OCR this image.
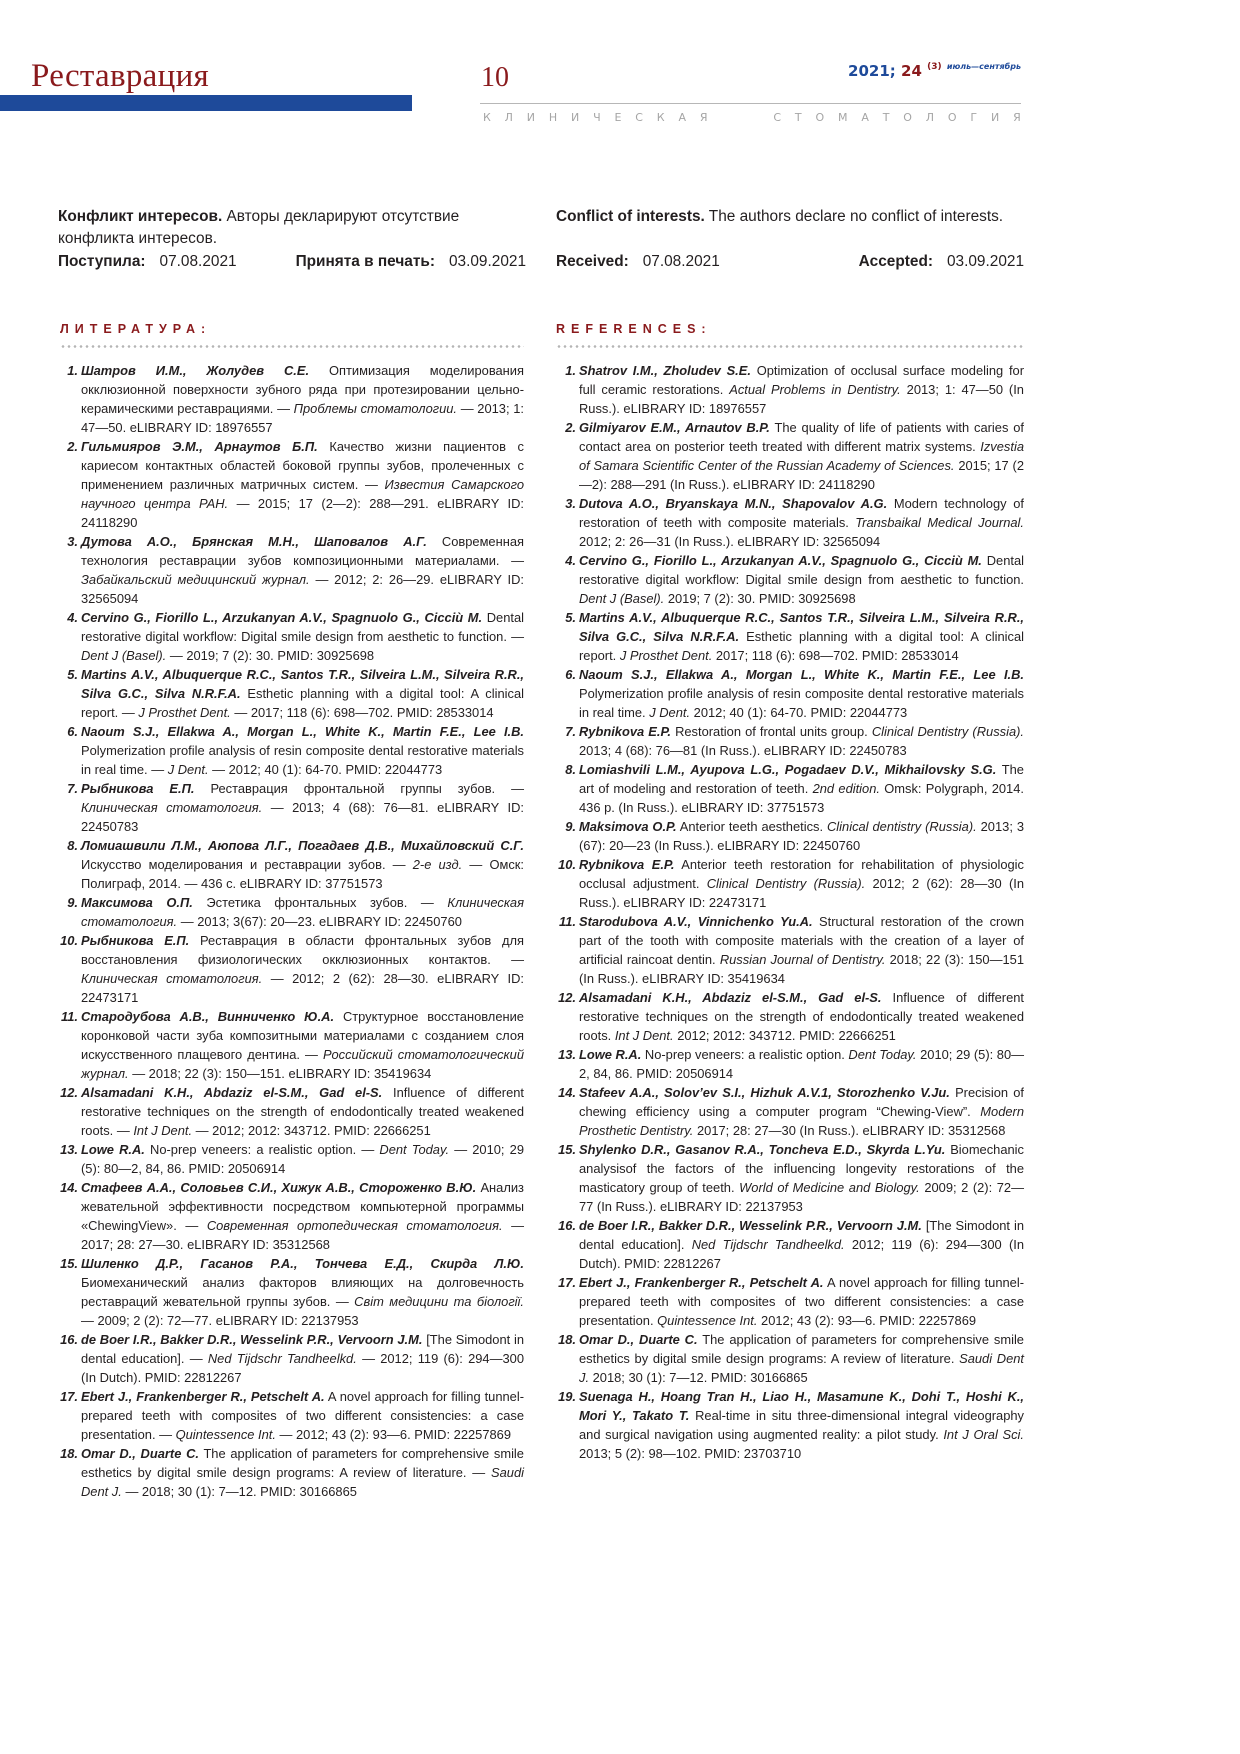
Реставрация	10	2021; 24 $^{(3)}$ $^{июль—сентябрь}$
К Л И Н И Ч Е С К А Я

	С Т О М А Т О Л О Г И Я
Конфликт интересов. Авторы декларируют отсутствие конфликта интересов.
Поступила: 07.08.2021	Принята в печать: 03.09.2021
Conflict of interests. The authors declare no conflict of interests.
Received: 07.08.2021	Accepted: 03.09.2021
ЛИТЕРАТУРА:	REFERENCES:
1. Шатров И.М., Жолудев С.Е. Оптимизация моделирования окклюзионной поверхности зубного ряда при протезировании цельно-керамическими реставрациями. — Проблемы стоматологии. — 2013; 1: 47—50. eLIBRARY ID: 18976557
2. Гильмияров Э.М., Арнаутов Б.П. Качество жизни пациентов с кариесом контактных областей боковой группы зубов, пролеченных с применением различных матричных систем. — Известия Самарского научного центра РАН. — 2015; 17 (2—2): 288—291. eLIBRARY ID: 24118290
3. Дутова А.О., Брянская М.Н., Шаповалов А.Г. Современная технология реставрации зубов композиционными материалами. — Забайкальский медицинский журнал. — 2012; 2: 26—29. eLIBRARY ID: 32565094
4. Cervino G., Fiorillo L., Arzukanyan A.V., Spagnuolo G., Cicciù M. Dental restorative digital workflow: Digital smile design from aesthetic to function. — Dent J (Basel). — 2019; 7 (2): 30. PMID: 30925698
5. Martins A.V., Albuquerque R.C., Santos T.R., Silveira L.M., Silveira R.R., Silva G.C., Silva N.R.F.A. Esthetic planning with a digital tool: A clinical report. — J Prosthet Dent. — 2017; 118 (6): 698—702. PMID: 28533014
6. Naoum S.J., Ellakwa A., Morgan L., White K., Martin F.E., Lee I.B. Polymerization profile analysis of resin composite dental restorative materials in real time. — J Dent. — 2012; 40 (1): 64-70. PMID: 22044773
7. Рыбникова Е.П. Реставрация фронтальной группы зубов. — Клиническая стоматология. — 2013; 4 (68): 76—81. eLIBRARY ID: 22450783
8. Ломиашвили Л.М., Аюпова Л.Г., Погадаев Д.В., Михайловский С.Г. Искусство моделирования и реставрации зубов. — 2-е изд. — Омск: Полиграф, 2014. — 436 с. eLIBRARY ID: 37751573
9. Максимова О.П. Эстетика фронтальных зубов. — Клиническая стоматология. — 2013; 3(67): 20—23. eLIBRARY ID: 22450760
10. Рыбникова Е.П. Реставрация в области фронтальных зубов для восстановления физиологических окклюзионных контактов. — Клиническая стоматология. — 2012; 2 (62): 28—30. eLIBRARY ID: 22473171
11. Стародубова А.В., Винниченко Ю.А. Структурное восстановление коронковой части зуба композитными материалами с созданием слоя искусственного плащевого дентина. — Российский стоматологический журнал. — 2018; 22 (3): 150—151. eLIBRARY ID: 35419634
12. Alsamadani K.H., Abdaziz el-S.M., Gad el-S. Influence of different restorative techniques on the strength of endodontically treated weakened roots. — Int J Dent. — 2012; 2012: 343712. PMID: 22666251
13. Lowe R.A. No-prep veneers: a realistic option. — Dent Today. — 2010; 29 (5): 80—2, 84, 86. PMID: 20506914
14. Стафеев А.А., Соловьев С.И., Хижук А.В., Стороженко В.Ю. Анализ жевательной эффективности посредством компьютерной программы «ChewingView». — Современная ортопедическая стоматология. — 2017; 28: 27—30. eLIBRARY ID: 35312568
15. Шиленко Д.Р., Гасанов Р.А., Тончева Е.Д., Скирда Л.Ю. Биомеханический анализ факторов влияющих на долговечность реставраций жевательной группы зубов. — Світ медицини та біології. — 2009; 2 (2): 72—77. eLIBRARY ID: 22137953
16. de Boer I.R., Bakker D.R., Wesselink P.R., Vervoorn J.M. [The Simodont in dental education]. — Ned Tijdschr Tandheelkd. — 2012; 119 (6): 294—300 (In Dutch). PMID: 22812267
17. Ebert J., Frankenberger R., Petschelt A. A novel approach for filling tunnel-prepared teeth with composites of two different consistencies: a case presentation. — Quintessence Int. — 2012; 43 (2): 93—6. PMID: 22257869
18. Omar D., Duarte C. The application of parameters for comprehensive smile esthetics by digital smile design programs: A review of literature. — Saudi Dent J. — 2018; 30 (1): 7—12. PMID: 30166865
1. Shatrov I.M., Zholudev S.E. Optimization of occlusal surface modeling for full ceramic restorations. Actual Problems in Dentistry. 2013; 1: 47—50 (In Russ.). eLIBRARY ID: 18976557
2. Gilmiyarov E.M., Arnautov B.P. The quality of life of patients with caries of contact area on posterior teeth treated with different matrix systems. Izvestia of Samara Scientific Center of the Russian Academy of Sciences. 2015; 17 (2—2): 288—291 (In Russ.). eLIBRARY ID: 24118290
3. Dutova A.O., Bryanskaya M.N., Shapovalov A.G. Modern technology of restoration of teeth with composite materials. Transbaikal Medical Journal. 2012; 2: 26—31 (In Russ.). eLIBRARY ID: 32565094
4. Cervino G., Fiorillo L., Arzukanyan A.V., Spagnuolo G., Cicciù M. Dental restorative digital workflow: Digital smile design from aesthetic to function. Dent J (Basel). 2019; 7 (2): 30. PMID: 30925698
5. Martins A.V., Albuquerque R.C., Santos T.R., Silveira L.M., Silveira R.R., Silva G.C., Silva N.R.F.A. Esthetic planning with a digital tool: A clinical report. J Prosthet Dent. 2017; 118 (6): 698—702. PMID: 28533014
6. Naoum S.J., Ellakwa A., Morgan L., White K., Martin F.E., Lee I.B. Polymerization profile analysis of resin composite dental restorative materials in real time. J Dent. 2012; 40 (1): 64-70. PMID: 22044773
7. Rybnikova E.P. Restoration of frontal units group. Clinical Dentistry (Russia). 2013; 4 (68): 76—81 (In Russ.). eLIBRARY ID: 22450783
8. Lomiashvili L.M., Ayupova L.G., Pogadaev D.V., Mikhailovsky S.G. The art of modeling and restoration of teeth. 2nd edition. Omsk: Polygraph, 2014. 436 p. (In Russ.). eLIBRARY ID: 37751573
9. Maksimova O.P. Anterior teeth aesthetics. Clinical dentistry (Russia). 2013; 3 (67): 20—23 (In Russ.). eLIBRARY ID: 22450760
10. Rybnikova E.P. Anterior teeth restoration for rehabilitation of physiologic occlusal adjustment. Clinical Dentistry (Russia). 2012; 2 (62): 28—30 (In Russ.). eLIBRARY ID: 22473171
11. Starodubova A.V., Vinnichenko Yu.A. Structural restoration of the crown part of the tooth with composite materials with the creation of a layer of artificial raincoat dentin. Russian Journal of Dentistry. 2018; 22 (3): 150—151 (In Russ.). eLIBRARY ID: 35419634
12. Alsamadani K.H., Abdaziz el-S.M., Gad el-S. Influence of different restorative techniques on the strength of endodontically treated weakened roots. Int J Dent. 2012; 2012: 343712. PMID: 22666251
13. Lowe R.A. No-prep veneers: a realistic option. Dent Today. 2010; 29 (5): 80—2, 84, 86. PMID: 20506914
14. Stafeev A.A., Solov’ev S.I., Hizhuk A.V.1, Storozhenko V.Ju. Precision of chewing efficiency using a computer program “Chewing-View”. Modern Prosthetic Dentistry. 2017; 28: 27—30 (In Russ.). eLIBRARY ID: 35312568
15. Shylenko D.R., Gasanov R.A., Toncheva E.D., Skyrda L.Yu. Biomechanic analysisof the factors of the influencing longevity restorations of the masticatory group of teeth. World of Medicine and Biology. 2009; 2 (2): 72—77 (In Russ.). eLIBRARY ID: 22137953
16. de Boer I.R., Bakker D.R., Wesselink P.R., Vervoorn J.M. [The Simodont in dental education]. Ned Tijdschr Tandheelkd. 2012; 119 (6): 294—300 (In Dutch). PMID: 22812267
17. Ebert J., Frankenberger R., Petschelt A. A novel approach for filling tunnel-prepared teeth with composites of two different consistencies: a case presentation. Quintessence Int. 2012; 43 (2): 93—6. PMID: 22257869
18. Omar D., Duarte C. The application of parameters for comprehensive smile esthetics by digital smile design programs: A review of literature. Saudi Dent J. 2018; 30 (1): 7—12. PMID: 30166865
19. Suenaga H., Hoang Tran H., Liao H., Masamune K., Dohi T., Hoshi K., Mori Y., Takato T. Real-time in situ three-dimensional integral videography and surgical navigation using augmented reality: a pilot study. Int J Oral Sci. 2013; 5 (2): 98—102. PMID: 23703710
